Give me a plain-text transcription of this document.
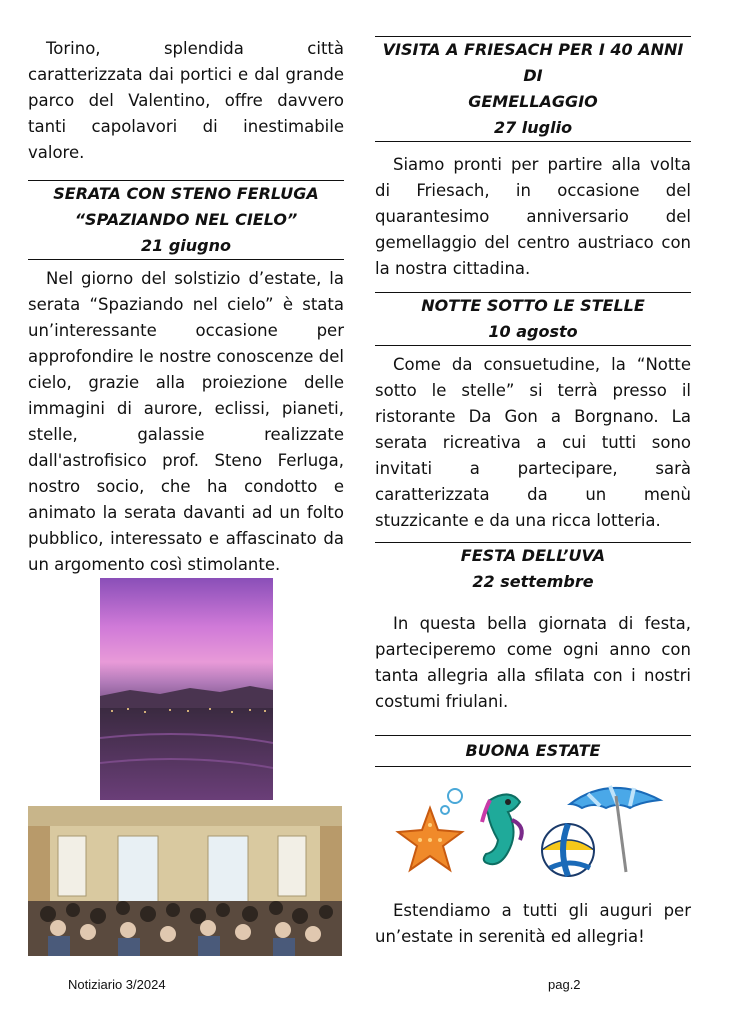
Torino, splendida città caratterizzata dai portici e dal grande parco del Valentino, offre davvero tanti capolavori di inestimabile valore.

SERATA CON STENO FERLUGA
“SPAZIANDO NEL CIELO”
21 giugno

Nel giorno del solstizio d’estate, la serata “Spaziando nel cielo” è stata un’interessante occasione per approfondire le nostre conoscenze del cielo, grazie alla proiezione delle immagini di aurore, eclissi, pianeti, stelle, galassie realizzate dall'astrofisico prof. Steno Ferluga, nostro socio, che ha condotto e animato la serata davanti ad un folto pubblico, interessato e affascinato da un argomento così stimolante.

VISITA A FRIESACH PER I 40 ANNI DI
GEMELLAGGIO
27 luglio

Siamo pronti per partire alla volta di Friesach, in occasione del quarantesimo anniversario del gemellaggio del centro austriaco con la nostra cittadina.

NOTTE SOTTO LE STELLE
10 agosto

Come da consuetudine, la “Notte sotto le stelle” si terrà presso il ristorante Da Gon a Borgnano. La serata ricreativa a cui tutti sono invitati a partecipare, sarà caratterizzata da un menù stuzzicante e da una ricca lotteria.

FESTA DELL’UVA
22 settembre

In questa bella giornata di festa, parteciperemo come ogni anno con tanta allegria alla sfilata con i nostri costumi friulani.

BUONA ESTATE

Estendiamo a tutti gli auguri per un’estate in serenità ed allegria!

Notiziario 3/2024	pag.2
